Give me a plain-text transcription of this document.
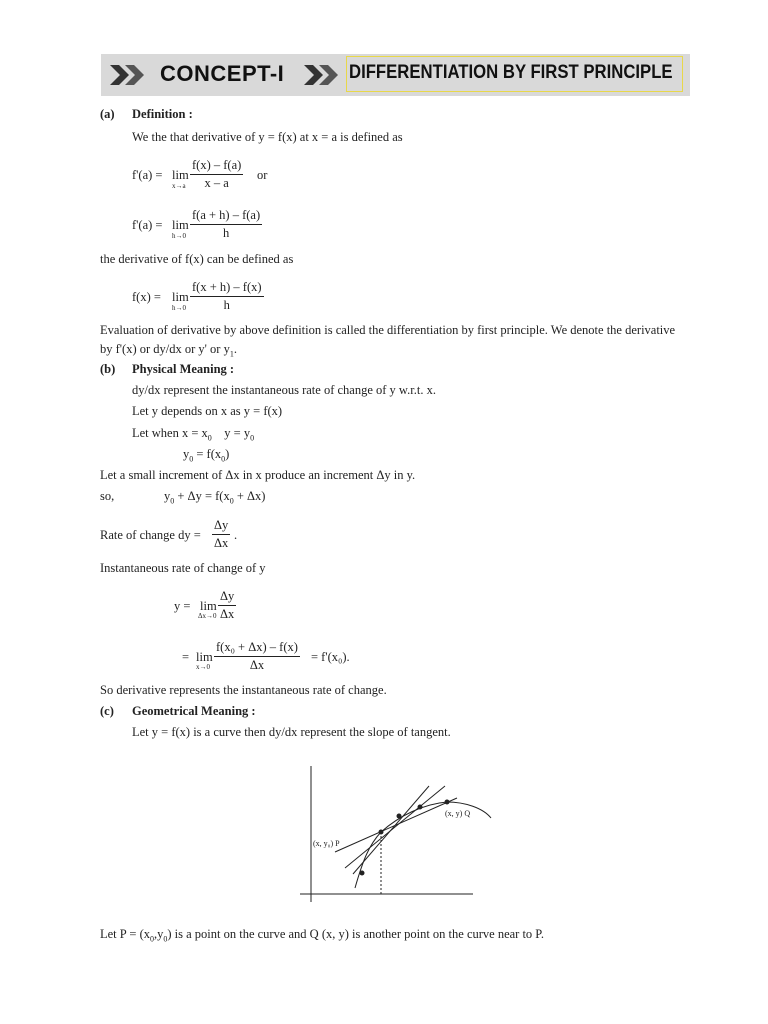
CONCEPT-I	DIFFERENTIATION BY FIRST PRINCIPLE
(a) Definition :
We the that derivative of y = f(x) at x = a is defined as
f'(a) = lim
$x\to a \frac{f(x) - f(a)}{x - a}$ or
f'(a) = lim
$h\to 0 \frac{f(a + h) - f(a)}{h}$
the derivative of f(x) can be defined as
f(x) = lim
$h\to 0 \frac{f(x + h) - f(x)}{h}$
Evaluation of derivative by above definition is called the differentiation by first principle. We denote the derivative
by f'(x) or dy/dx or y' or $y_1$.
(b) Physical Meaning :
dy/dx represent the instantaneous rate of change of y w.r.t. x.
Let y depends on x as y = f(x)
Let when $x = x_0$ $y = y_0$
$y_0 = f(x_0)$
Let a small increment of Δx in x produce an increment Δy in y.
so,	$y_0 + \Delta y = f(x_0 + \Delta x)$
Rate of change dy = $\frac{\Delta y}{\Delta x}$ .
Instantaneous rate of change of y
y = lim
$\Delta x\to 0 \frac{\Delta y}{\Delta x}$
= lim
$x\to 0 \frac{\text{f(x₀ + Δx) – f(x)}}{\Delta x} = f'(x_0)$.
So derivative represents the instantaneous rate of change.
(c) Geometrical Meaning :
Let y = f(x) is a curve then dy/dx represent the slope of tangent.
(x, y₀) P
(x, y) Q
Let $P = (x_0,y_0)$ is a point on the curve and Q (x, y) is another point on the curve near to P.
